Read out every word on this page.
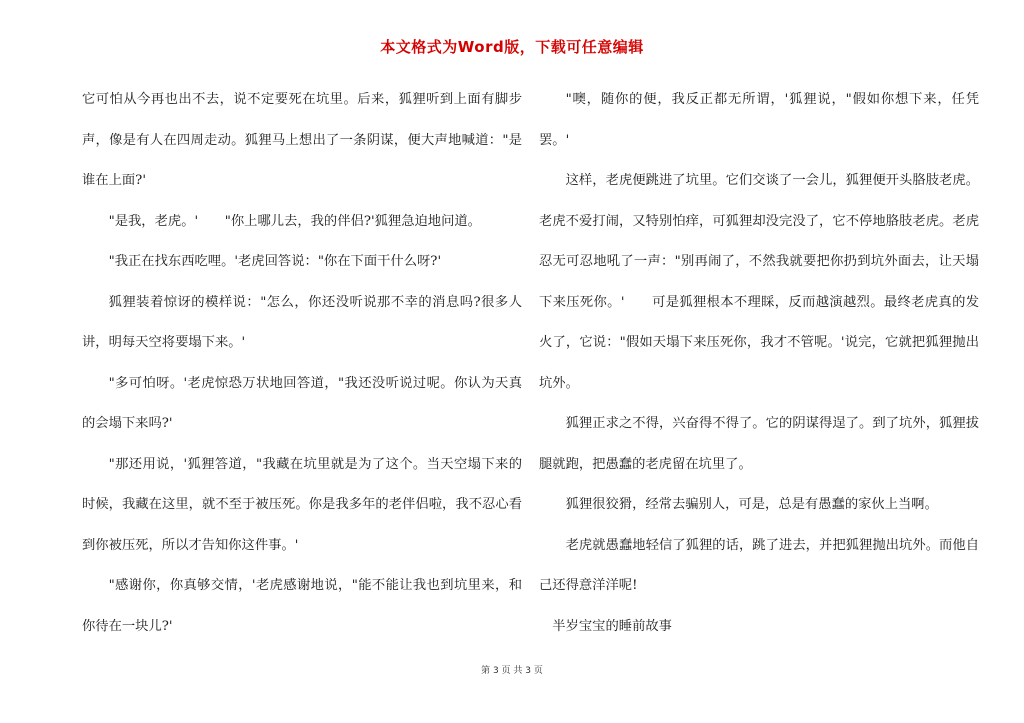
本文格式为Word版，下载可任意编辑

它可怕从今再也出不去，说不定要死在坑里。后来，狐狸听到上面有脚步声，像是有人在四周走动。狐狸马上想出了一条阴谋，便大声地喊道："是谁在上面?'

"是我，老虎。'　　"你上哪儿去，我的伴侣?'狐狸急迫地问道。

"我正在找东西吃哩。'老虎回答说："你在下面干什么呀?'

狐狸装着惊讶的模样说："怎么，你还没听说那不幸的消息吗?很多人讲，明每天空将要塌下来。'

"多可怕呀。'老虎惊恐万状地回答道，"我还没听说过呢。你认为天真的会塌下来吗?'

"那还用说，'狐狸答道，"我藏在坑里就是为了这个。当天空塌下来的时候，我藏在这里，就不至于被压死。你是我多年的老伴侣啦，我不忍心看到你被压死，所以才告知你这件事。'

"感谢你，你真够交情，'老虎感谢地说，"能不能让我也到坑里来，和你待在一块儿?'

"噢，随你的便，我反正都无所谓，'狐狸说，"假如你想下来，任凭罢。'

这样，老虎便跳进了坑里。它们交谈了一会儿，狐狸便开头胳肢老虎。老虎不爱打闹，又特别怕痒，可狐狸却没完没了，它不停地胳肢老虎。老虎忍无可忍地吼了一声："别再闹了，不然我就要把你扔到坑外面去，让天塌下来压死你。'　　可是狐狸根本不理睬，反而越演越烈。最终老虎真的发火了，它说："假如天塌下来压死你，我才不管呢。'说完，它就把狐狸抛出坑外。

狐狸正求之不得，兴奋得不得了。它的阴谋得逞了。到了坑外，狐狸拔腿就跑，把愚蠢的老虎留在坑里了。

狐狸很狡猾，经常去骗别人，可是，总是有愚蠢的家伙上当啊。

老虎就愚蠢地轻信了狐狸的话，跳了进去，并把狐狸抛出坑外。而他自己还得意洋洋呢!

半岁宝宝的睡前故事

第 3 页 共 3 页
